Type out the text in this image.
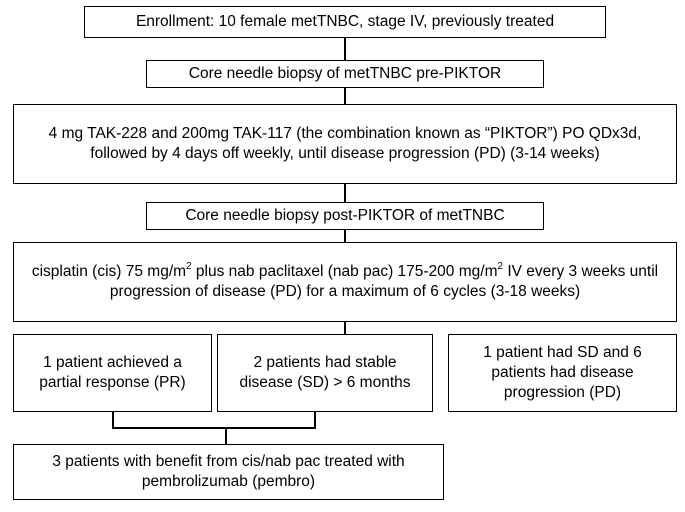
Enrollment: 10 female metTNBC, stage IV, previously treated
Core needle biopsy of metTNBC pre-PIKTOR
4 mg TAK-228 and 200mg TAK-117 (the combination known as “PIKTOR”) PO QDx3d, followed by 4 days off weekly, until disease progression (PD) (3-14 weeks)
Core needle biopsy post-PIKTOR of metTNBC
cisplatin (cis) 75 $mg/m^2$ plus nab paclitaxel (nab pac) 175-200 $mg/m^2$ IV every 3 weeks until progression of disease (PD) for a maximum of 6 cycles (3-18 weeks)
1 patient achieved a partial response (PR)
2 patients had stable disease (SD) > 6 months
1 patient had SD and 6 patients had disease progression (PD)
3 patients with benefit from cis/nab pac treated with pembrolizumab (pembro)
